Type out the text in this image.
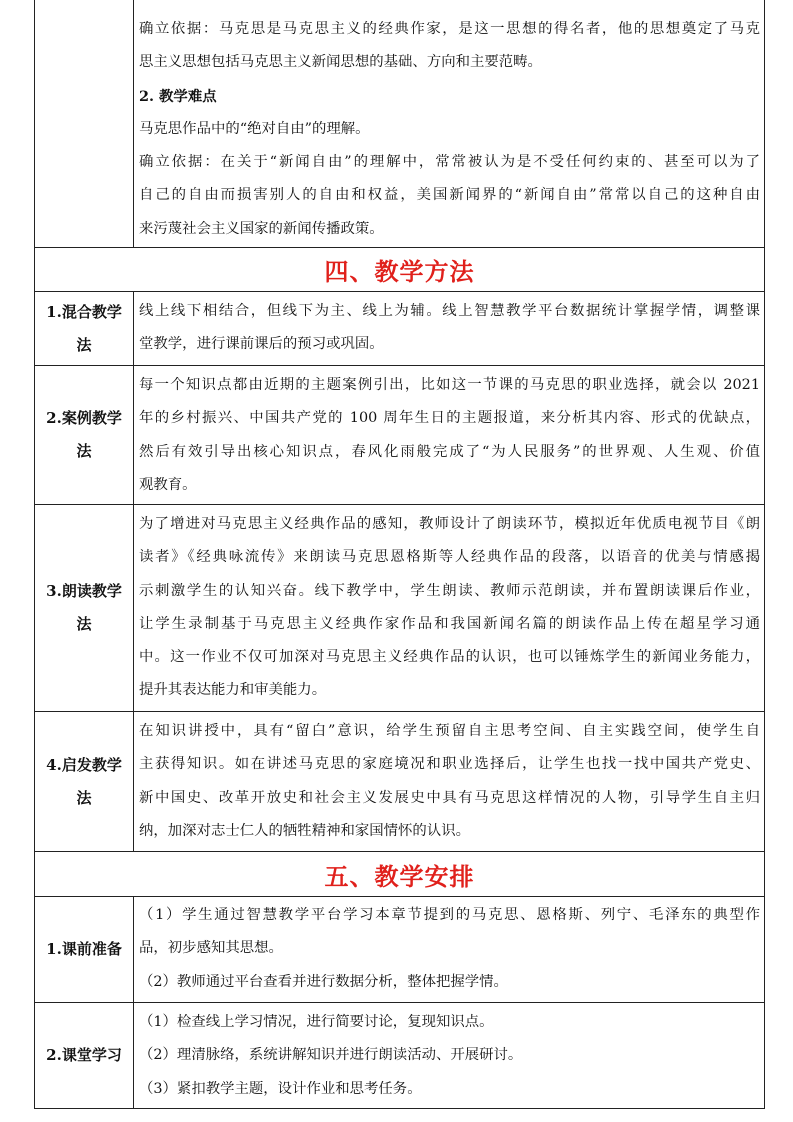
确立依据：马克思是马克思主义的经典作家，是这一思想的得名者，他的思想奠定了马克
思主义思想包括马克思主义新闻思想的基础、方向和主要范畴。
2. 教学难点
马克思作品中的“绝对自由”的理解。
确立依据：在关于“新闻自由”的理解中，常常被认为是不受任何约束的、甚至可以为了
自己的自由而损害别人的自由和权益，美国新闻界的“新闻自由”常常以自己的这种自由
来污蔑社会主义国家的新闻传播政策。
四、教学方法
1.混合教学
法
线上线下相结合，但线下为主、线上为辅。线上智慧教学平台数据统计掌握学情，调整课
堂教学，进行课前课后的预习或巩固。
2.案例教学
法
每一个知识点都由近期的主题案例引出，比如这一节课的马克思的职业选择，就会以 2021
年的乡村振兴、中国共产党的 100 周年生日的主题报道，来分析其内容、形式的优缺点，
然后有效引导出核心知识点，春风化雨般完成了“为人民服务”的世界观、人生观、价值
观教育。
3.朗读教学
法
为了增进对马克思主义经典作品的感知，教师设计了朗读环节，模拟近年优质电视节目《朗
读者》《经典咏流传》来朗读马克思恩格斯等人经典作品的段落，以语音的优美与情感揭
示刺激学生的认知兴奋。线下教学中，学生朗读、教师示范朗读，并布置朗读课后作业，
让学生录制基于马克思主义经典作家作品和我国新闻名篇的朗读作品上传在超星学习通
中。这一作业不仅可加深对马克思主义经典作品的认识，也可以锤炼学生的新闻业务能力，
提升其表达能力和审美能力。
4.启发教学
法
在知识讲授中，具有“留白”意识，给学生预留自主思考空间、自主实践空间，使学生自
主获得知识。如在讲述马克思的家庭境况和职业选择后，让学生也找一找中国共产党史、
新中国史、改革开放史和社会主义发展史中具有马克思这样情况的人物，引导学生自主归
纳，加深对志士仁人的牺牲精神和家国情怀的认识。
五、教学安排
1.课前准备
（1）学生通过智慧教学平台学习本章节提到的马克思、恩格斯、列宁、毛泽东的典型作
品，初步感知其思想。
（2）教师通过平台查看并进行数据分析，整体把握学情。
2.课堂学习
（1）检查线上学习情况，进行简要讨论，复现知识点。
（2）理清脉络，系统讲解知识并进行朗读活动、开展研讨。
（3）紧扣教学主题，设计作业和思考任务。
